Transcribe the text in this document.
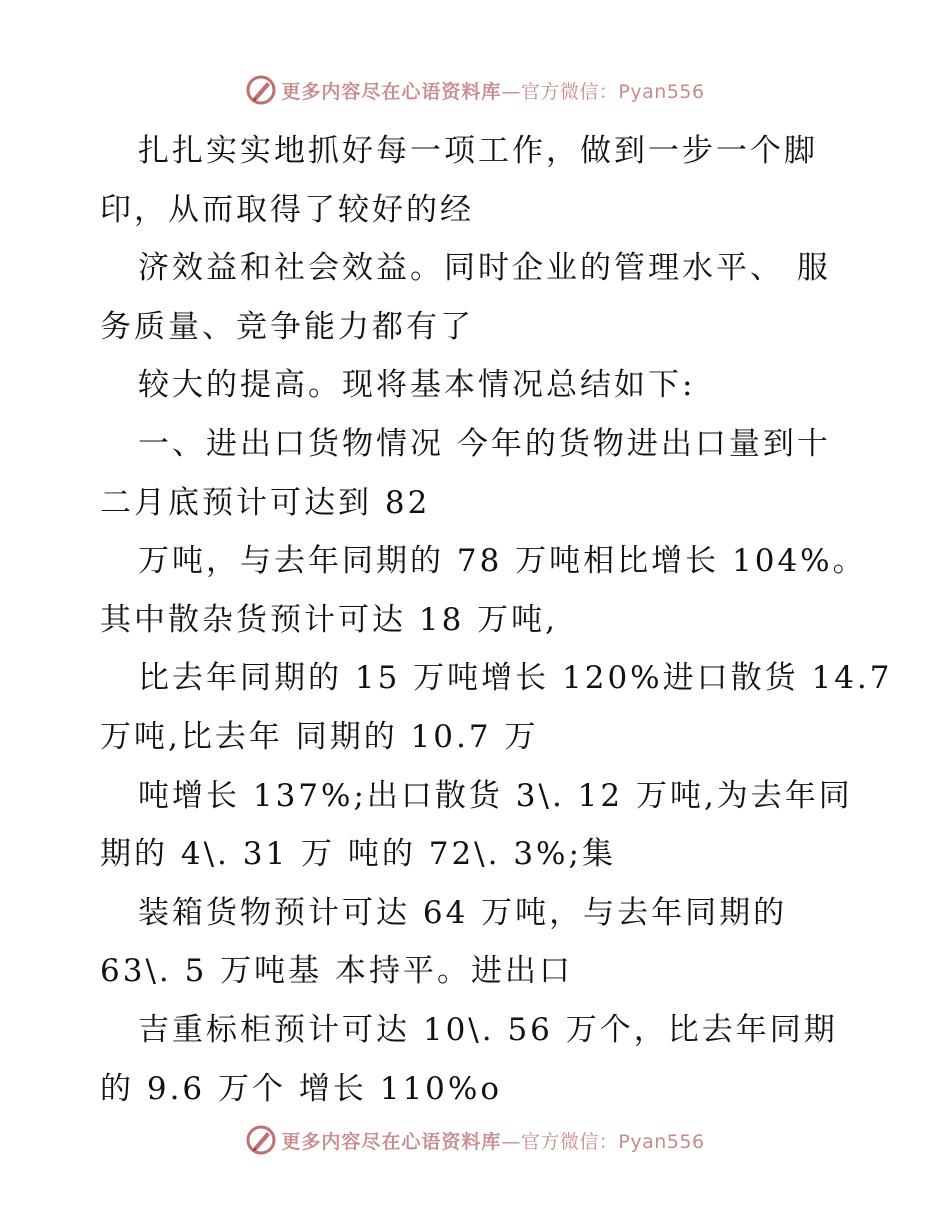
更多内容尽在心语资料库 —官方微信：Pyan556
扎扎实实地抓好每一项工作，做到一步一个脚
印，从而取得了较好的经
济效益和社会效益。同时企业的管理水平、 服
务质量、竞争能力都有了
较大的提高。现将基本情况总结如下:
一、进出口货物情况 今年的货物进出口量到十
二月底预计可达到 82
万吨，与去年同期的 78 万吨相比增长 104%。
其中散杂货预计可达 18 万吨,
比去年同期的 15 万吨增长 120%进口散货 14.7
万吨,比去年 同期的 10.7 万
吨增长 137%;出口散货 3\. 12 万吨,为去年同
期的 4\. 31 万 吨的 72\. 3%;集
装箱货物预计可达 64 万吨，与去年同期的
63\. 5 万吨基 本持平。进出口
吉重标柜预计可达 10\. 56 万个，比去年同期
的 9.6 万个 增长 110%o
更多内容尽在心语资料库 —官方微信：Pyan556
